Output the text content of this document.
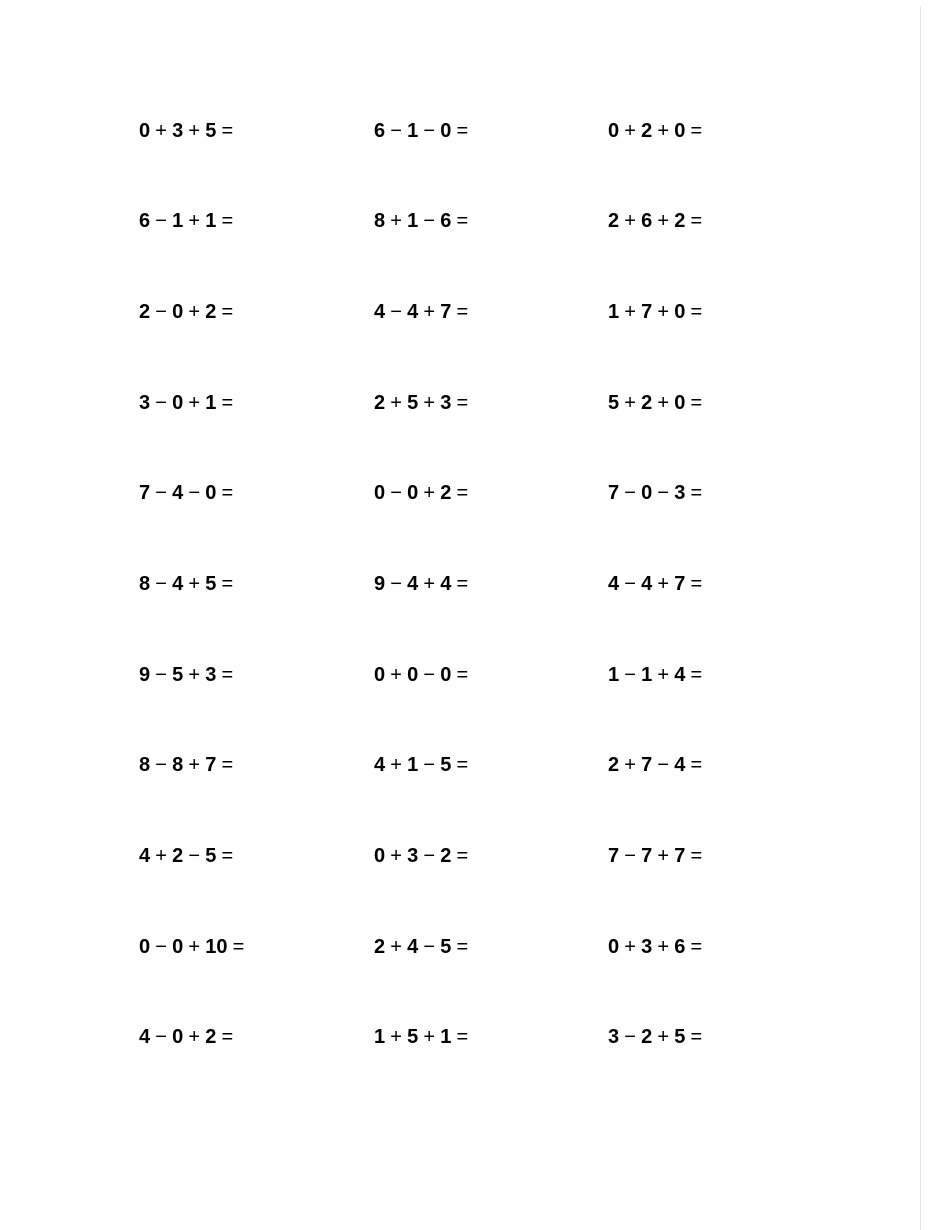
0 + 3 + 5 =	6 − 1 − 0 =	0 + 2 + 0 =
6 − 1 + 1 =	8 + 1 − 6 =	2 + 6 + 2 =
2 − 0 + 2 =	4 − 4 + 7 =	1 + 7 + 0 =
3 − 0 + 1 =	2 + 5 + 3 =	5 + 2 + 0 =
7 − 4 − 0 =	0 − 0 + 2 =	7 − 0 − 3 =
8 − 4 + 5 =	9 − 4 + 4 =	4 − 4 + 7 =
9 − 5 + 3 =	0 + 0 − 0 =	1 − 1 + 4 =
8 − 8 + 7 =	4 + 1 − 5 =	2 + 7 − 4 =
4 + 2 − 5 =	0 + 3 − 2 =	7 − 7 + 7 =
0 − 0 + 10 =	2 + 4 − 5 =	0 + 3 + 6 =
4 − 0 + 2 =	1 + 5 + 1 =	3 − 2 + 5 =
